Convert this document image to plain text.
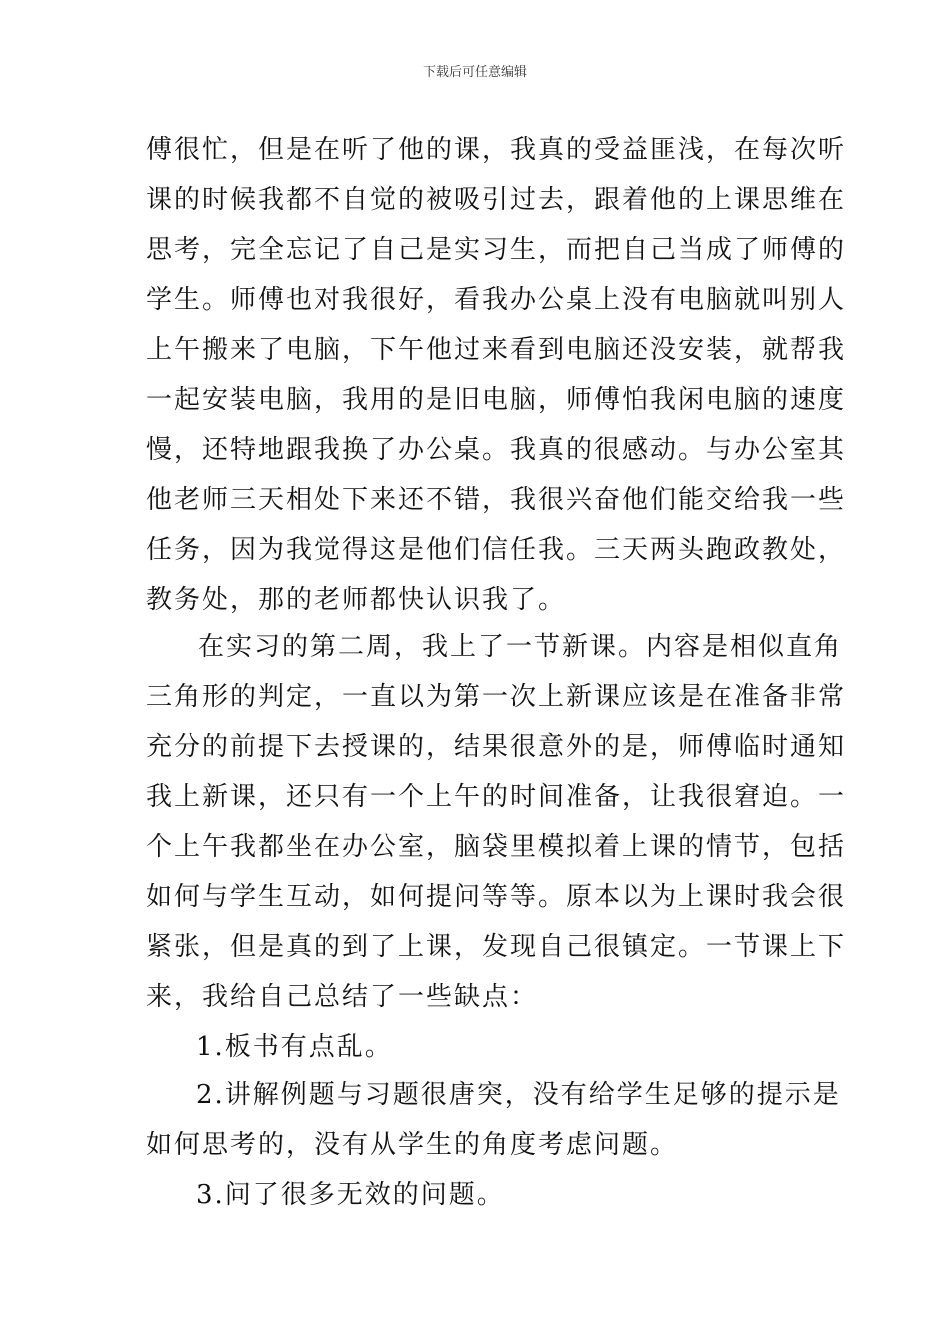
下载后可任意编辑
傅很忙，但是在听了他的课，我真的受益匪浅，在每次听
课的时候我都不自觉的被吸引过去，跟着他的上课思维在
思考，完全忘记了自己是实习生，而把自己当成了师傅的
学生。师傅也对我很好，看我办公桌上没有电脑就叫别人
上午搬来了电脑，下午他过来看到电脑还没安装，就帮我
一起安装电脑，我用的是旧电脑，师傅怕我闲电脑的速度
慢，还特地跟我换了办公桌。我真的很感动。与办公室其
他老师三天相处下来还不错，我很兴奋他们能交给我一些
任务，因为我觉得这是他们信任我。三天两头跑政教处，
教务处，那的老师都快认识我了。
在实习的第二周，我上了一节新课。内容是相似直角
三角形的判定，一直以为第一次上新课应该是在准备非常
充分的前提下去授课的，结果很意外的是，师傅临时通知
我上新课，还只有一个上午的时间准备，让我很窘迫。一
个上午我都坐在办公室，脑袋里模拟着上课的情节，包括
如何与学生互动，如何提问等等。原本以为上课时我会很
紧张，但是真的到了上课，发现自己很镇定。一节课上下
来，我给自己总结了一些缺点：
1.板书有点乱。
2.讲解例题与习题很唐突，没有给学生足够的提示是
如何思考的，没有从学生的角度考虑问题。
3.问了很多无效的问题。
